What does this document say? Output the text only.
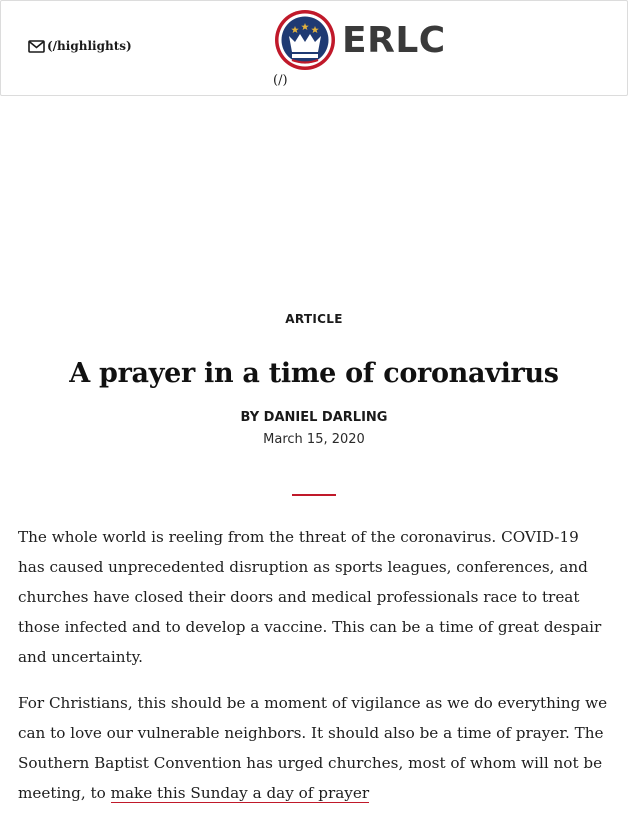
(/highlights)	ERLC
(/)
ARTICLE
A prayer in a time of coronavirus
BY DANIEL DARLING
March 15, 2020

The whole world is reeling from the threat of the coronavirus. COVID-19 has caused unprecedented disruption as sports leagues, conferences, and churches have closed their doors and medical professionals race to treat those infected and to develop a vaccine. This can be a time of great despair and uncertainty.

For Christians, this should be a moment of vigilance as we do everything we can to love our vulnerable neighbors. It should also be a time of prayer. The Southern Baptist Convention has urged churches, most of whom will not be meeting, to make this Sunday a day of prayer
